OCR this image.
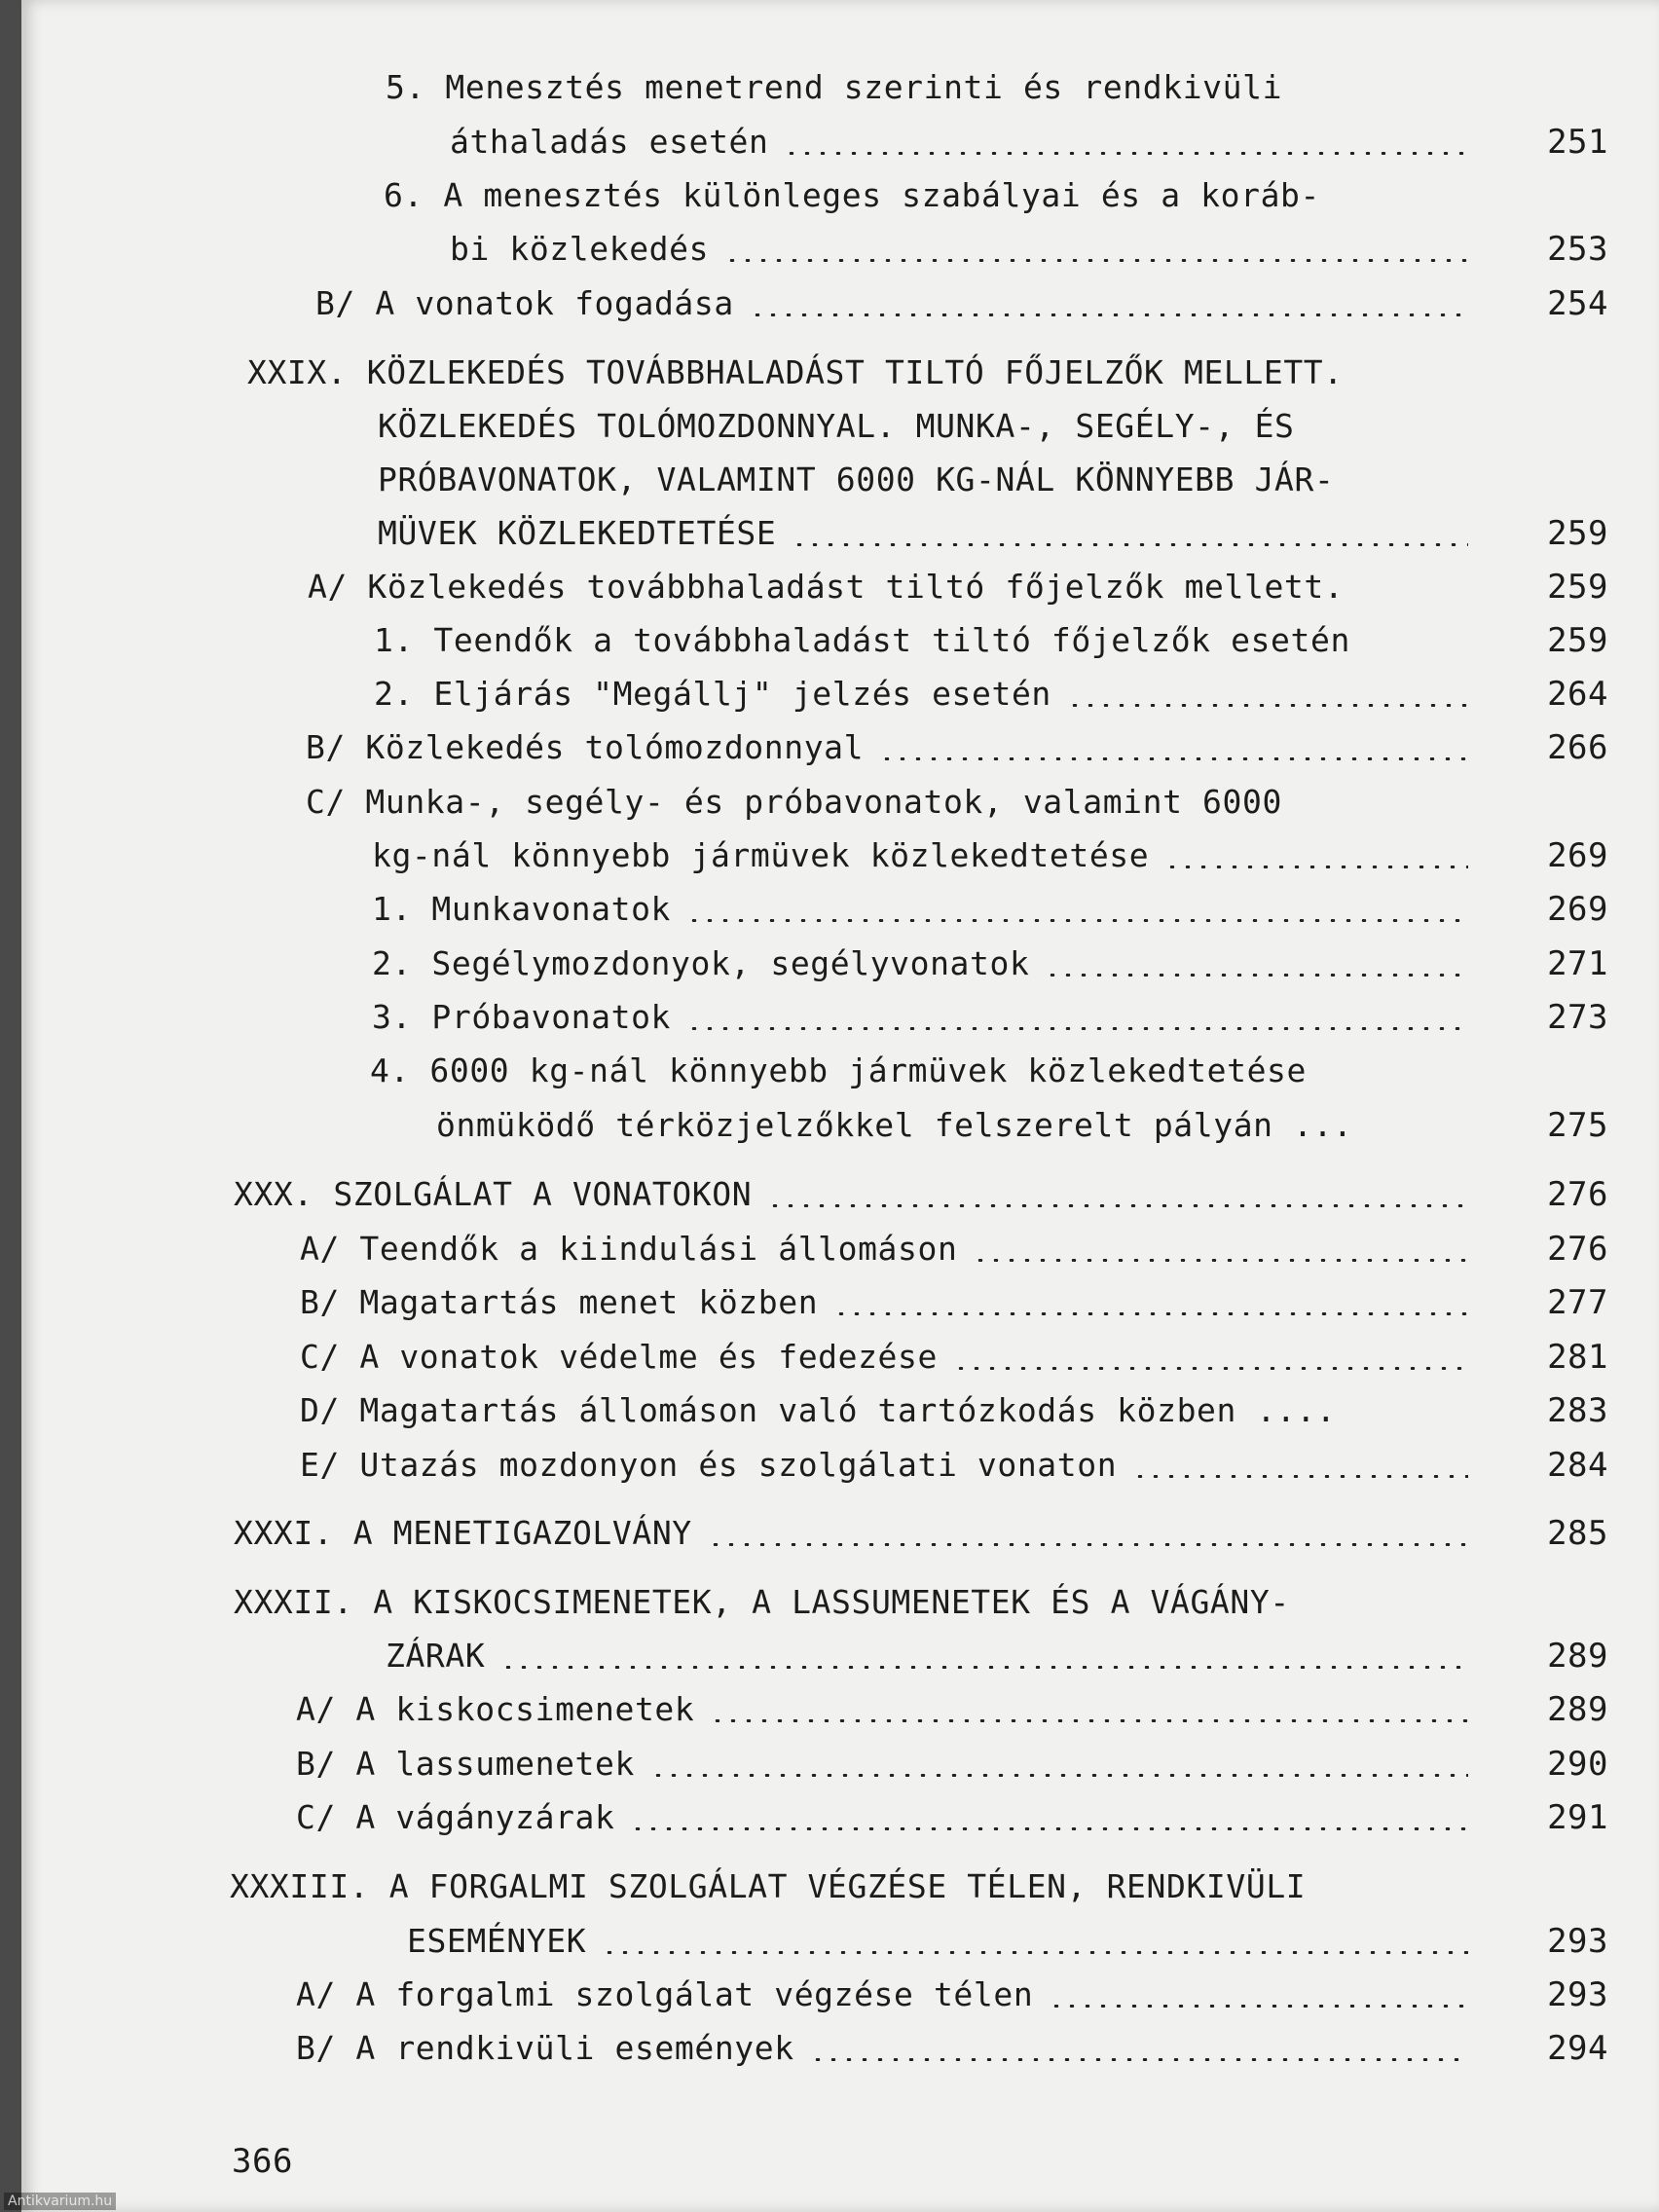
5. Menesztés menetrend szerinti és rendkivüli
áthaladás esetén	251
6. A menesztés különleges szabályai és a koráb-
bi közlekedés	253
B/ A vonatok fogadása	254
XXIX. KÖZLEKEDÉS TOVÁBBHALADÁST TILTÓ FŐJELZŐK MELLETT.
KÖZLEKEDÉS TOLÓMOZDONNYAL. MUNKA-, SEGÉLY-, ÉS
PRÓBAVONATOK, VALAMINT 6000 KG-NÁL KÖNNYEBB JÁR-
MÜVEK KÖZLEKEDTETÉSE	259
A/ Közlekedés továbbhaladást tiltó főjelzők mellett.	259
1. Teendők a továbbhaladást tiltó főjelzők esetén	259
2. Eljárás "Megállj" jelzés esetén	264
B/ Közlekedés tolómozdonnyal	266
C/ Munka-, segély- és próbavonatok, valamint 6000
kg-nál könnyebb jármüvek közlekedtetése	269
1. Munkavonatok	269
2. Segélymozdonyok, segélyvonatok	271
3. Próbavonatok	273
4. 6000 kg-nál könnyebb jármüvek közlekedtetése
önmüködő térközjelzőkkel felszerelt pályán ...	275
XXX. SZOLGÁLAT A VONATOKON	276
A/ Teendők a kiindulási állomáson	276
B/ Magatartás menet közben	277
C/ A vonatok védelme és fedezése	281
D/ Magatartás állomáson való tartózkodás közben ....	283
E/ Utazás mozdonyon és szolgálati vonaton	284
XXXI. A MENETIGAZOLVÁNY	285
XXXII. A KISKOCSIMENETEK, A LASSUMENETEK ÉS A VÁGÁNY-
ZÁRAK	289
A/ A kiskocsimenetek	289
B/ A lassumenetek	290
C/ A vágányzárak	291
XXXIII. A FORGALMI SZOLGÁLAT VÉGZÉSE TÉLEN, RENDKIVÜLI
ESEMÉNYEK	293
A/ A forgalmi szolgálat végzése télen	293
B/ A rendkivüli események	294
366
Antikvarium.hu
